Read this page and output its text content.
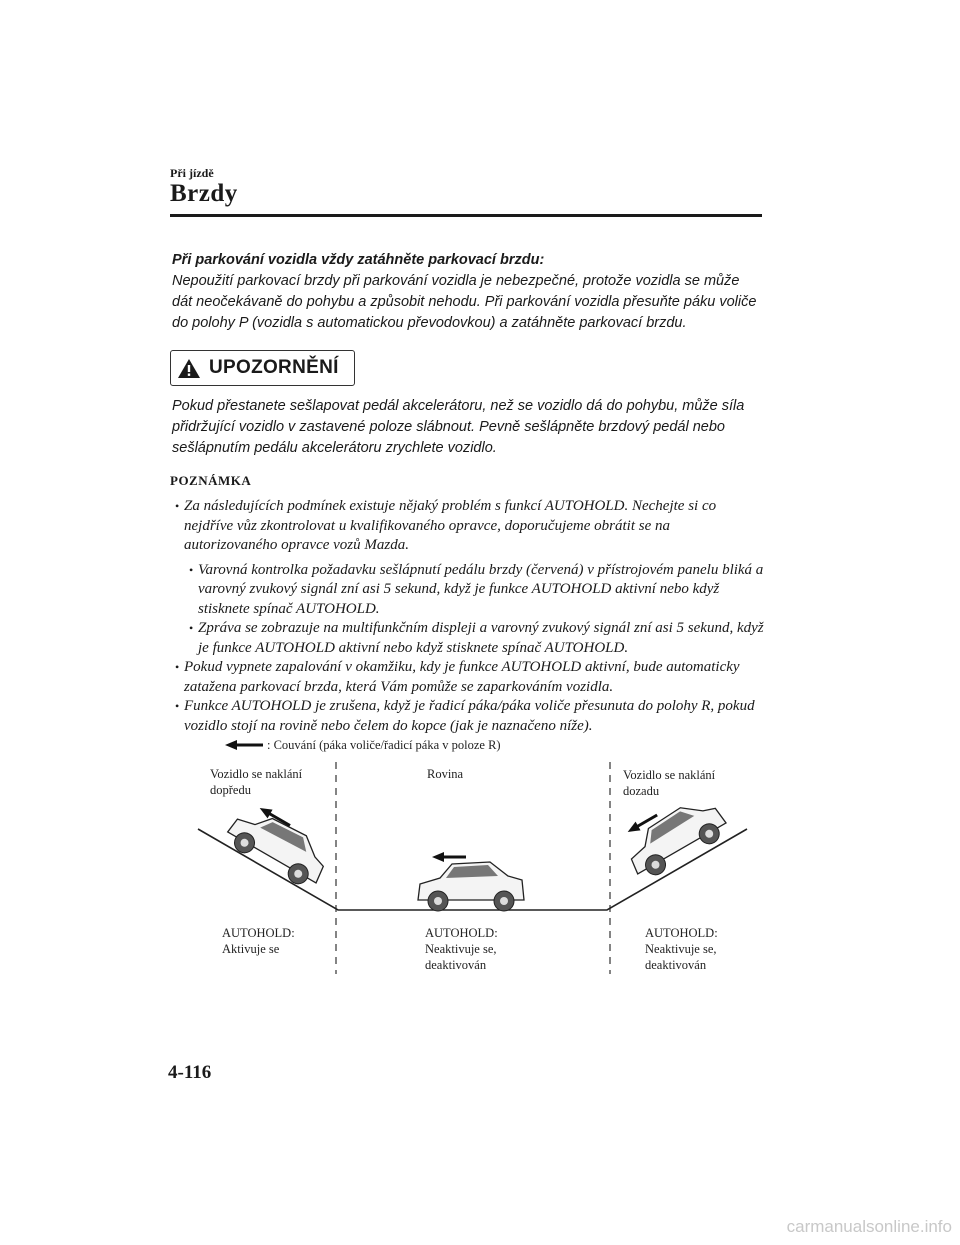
Při jízdě
Brzdy
Při parkování vozidla vždy zatáhněte parkovací brzdu:
Nepoužití parkovací brzdy při parkování vozidla je nebezpečné, protože vozidla se může dát neočekávaně do pohybu a způsobit nehodu. Při parkování vozidla přesuňte páku voliče do polohy P (vozidla s automatickou převodovkou) a zatáhněte parkovací brzdu.
UPOZORNĚNÍ
Pokud přestanete sešlapovat pedál akcelerátoru, než se vozidlo dá do pohybu, může síla přidržující vozidlo v zastavené poloze slábnout. Pevně sešlápněte brzdový pedál nebo sešlápnutím pedálu akcelerátoru zrychlete vozidlo.
POZNÁMKA

• Za následujících podmínek existuje nějaký problém s funkcí AUTOHOLD. Nechejte si co nejdříve vůz zkontrolovat u kvalifikovaného opravce, doporučujeme obrátit se na autorizovaného opravce vozů Mazda.

• Varovná kontrolka požadavku sešlápnutí pedálu brzdy (červená) v přístrojovém panelu bliká a varovný zvukový signál zní asi 5 sekund, když je funkce AUTOHOLD aktivní nebo když stisknete spínač AUTOHOLD.

• Zpráva se zobrazuje na multifunkčním displeji a varovný zvukový signál zní asi 5 sekund, když je funkce AUTOHOLD aktivní nebo když stisknete spínač AUTOHOLD.

• Pokud vypnete zapalování v okamžiku, kdy je funkce AUTOHOLD aktivní, bude automaticky zatažena parkovací brzda, která Vám pomůže se zaparkováním vozidla.

• Funkce AUTOHOLD je zrušena, když je řadicí páka/páka voliče přesunuta do polohy R, pokud vozidlo stojí na rovině nebo čelem do kopce (jak je naznačeno níže).

: Couvání (páka voliče/řadicí páka v poloze R)
Vozidlo se naklání
dopředu
Rovina	Vozidlo se naklání
dozadu
AUTOHOLD:
Aktivuje se
AUTOHOLD:
Neaktivuje se,
deaktivován
AUTOHOLD:
Neaktivuje se,
deaktivován
4-116
carmanualsonline.info
